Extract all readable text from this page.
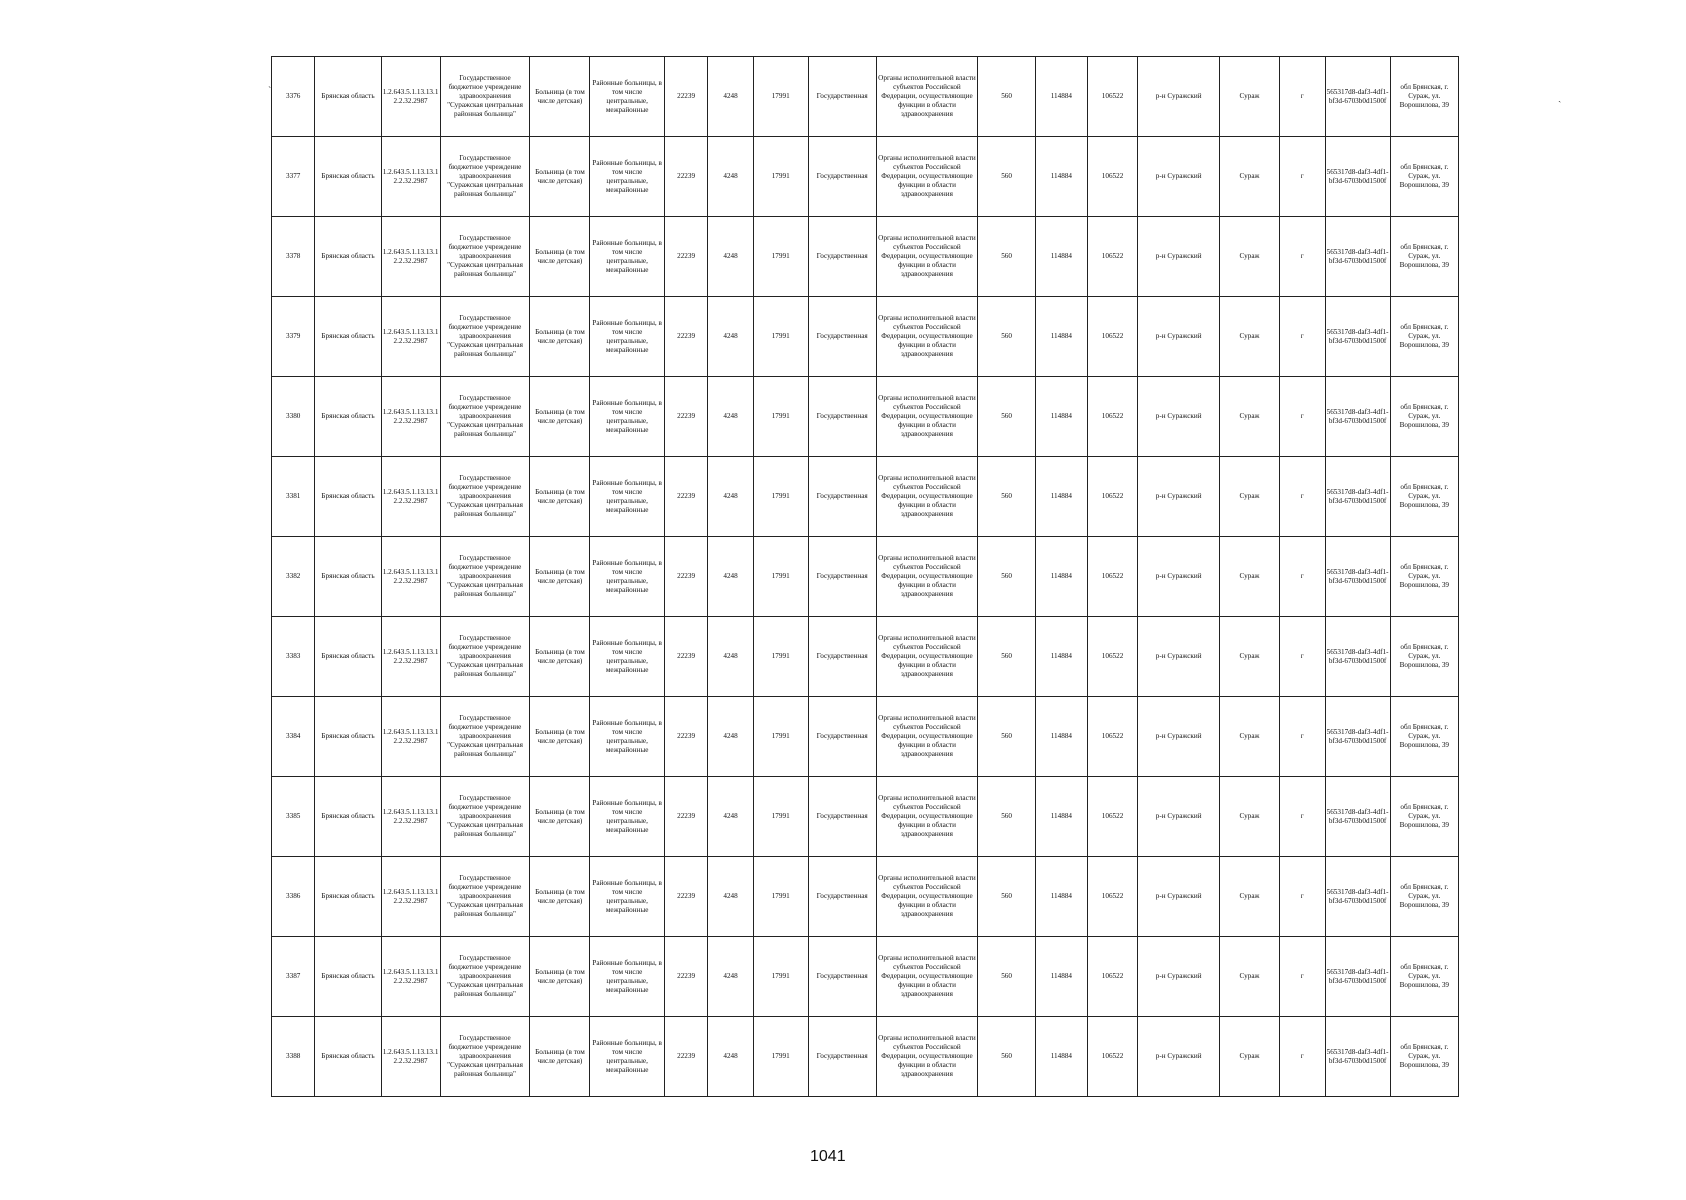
3376	Брянская область	1.2.643.5.1.13.13.12.2.32.2987	Государственное бюджетное учреждение здравоохранения "Суражская центральная районная больница"	Больница (в том числе детская)	Районные больницы, в том числе центральные, межрайонные	22239	4248	17991	Государственная	Органы исполнительной власти субъектов Российской Федерации, осуществляющие функции в области здравоохранения	560	114884	106522	р-н Суражский	Сураж	г	565317d8-daf3-4df1-bf3d-6703b0d1500f	обл Брянская, г. Сураж, ул. Ворошилова, 39
3377	Брянская область	1.2.643.5.1.13.13.12.2.32.2987	Государственное бюджетное учреждение здравоохранения "Суражская центральная районная больница"	Больница (в том числе детская)	Районные больницы, в том числе центральные, межрайонные	22239	4248	17991	Государственная	Органы исполнительной власти субъектов Российской Федерации, осуществляющие функции в области здравоохранения	560	114884	106522	р-н Суражский	Сураж	г	565317d8-daf3-4df1-bf3d-6703b0d1500f	обл Брянская, г. Сураж, ул. Ворошилова, 39
3378	Брянская область	1.2.643.5.1.13.13.12.2.32.2987	Государственное бюджетное учреждение здравоохранения "Суражская центральная районная больница"	Больница (в том числе детская)	Районные больницы, в том числе центральные, межрайонные	22239	4248	17991	Государственная	Органы исполнительной власти субъектов Российской Федерации, осуществляющие функции в области здравоохранения	560	114884	106522	р-н Суражский	Сураж	г	565317d8-daf3-4df1-bf3d-6703b0d1500f	обл Брянская, г. Сураж, ул. Ворошилова, 39
3379	Брянская область	1.2.643.5.1.13.13.12.2.32.2987	Государственное бюджетное учреждение здравоохранения "Суражская центральная районная больница"	Больница (в том числе детская)	Районные больницы, в том числе центральные, межрайонные	22239	4248	17991	Государственная	Органы исполнительной власти субъектов Российской Федерации, осуществляющие функции в области здравоохранения	560	114884	106522	р-н Суражский	Сураж	г	565317d8-daf3-4df1-bf3d-6703b0d1500f	обл Брянская, г. Сураж, ул. Ворошилова, 39
3380	Брянская область	1.2.643.5.1.13.13.12.2.32.2987	Государственное бюджетное учреждение здравоохранения "Суражская центральная районная больница"	Больница (в том числе детская)	Районные больницы, в том числе центральные, межрайонные	22239	4248	17991	Государственная	Органы исполнительной власти субъектов Российской Федерации, осуществляющие функции в области здравоохранения	560	114884	106522	р-н Суражский	Сураж	г	565317d8-daf3-4df1-bf3d-6703b0d1500f	обл Брянская, г. Сураж, ул. Ворошилова, 39
3381	Брянская область	1.2.643.5.1.13.13.12.2.32.2987	Государственное бюджетное учреждение здравоохранения "Суражская центральная районная больница"	Больница (в том числе детская)	Районные больницы, в том числе центральные, межрайонные	22239	4248	17991	Государственная	Органы исполнительной власти субъектов Российской Федерации, осуществляющие функции в области здравоохранения	560	114884	106522	р-н Суражский	Сураж	г	565317d8-daf3-4df1-bf3d-6703b0d1500f	обл Брянская, г. Сураж, ул. Ворошилова, 39
3382	Брянская область	1.2.643.5.1.13.13.12.2.32.2987	Государственное бюджетное учреждение здравоохранения "Суражская центральная районная больница"	Больница (в том числе детская)	Районные больницы, в том числе центральные, межрайонные	22239	4248	17991	Государственная	Органы исполнительной власти субъектов Российской Федерации, осуществляющие функции в области здравоохранения	560	114884	106522	р-н Суражский	Сураж	г	565317d8-daf3-4df1-bf3d-6703b0d1500f	обл Брянская, г. Сураж, ул. Ворошилова, 39
3383	Брянская область	1.2.643.5.1.13.13.12.2.32.2987	Государственное бюджетное учреждение здравоохранения "Суражская центральная районная больница"	Больница (в том числе детская)	Районные больницы, в том числе центральные, межрайонные	22239	4248	17991	Государственная	Органы исполнительной власти субъектов Российской Федерации, осуществляющие функции в области здравоохранения	560	114884	106522	р-н Суражский	Сураж	г	565317d8-daf3-4df1-bf3d-6703b0d1500f	обл Брянская, г. Сураж, ул. Ворошилова, 39
3384	Брянская область	1.2.643.5.1.13.13.12.2.32.2987	Государственное бюджетное учреждение здравоохранения "Суражская центральная районная больница"	Больница (в том числе детская)	Районные больницы, в том числе центральные, межрайонные	22239	4248	17991	Государственная	Органы исполнительной власти субъектов Российской Федерации, осуществляющие функции в области здравоохранения	560	114884	106522	р-н Суражский	Сураж	г	565317d8-daf3-4df1-bf3d-6703b0d1500f	обл Брянская, г. Сураж, ул. Ворошилова, 39
3385	Брянская область	1.2.643.5.1.13.13.12.2.32.2987	Государственное бюджетное учреждение здравоохранения "Суражская центральная районная больница"	Больница (в том числе детская)	Районные больницы, в том числе центральные, межрайонные	22239	4248	17991	Государственная	Органы исполнительной власти субъектов Российской Федерации, осуществляющие функции в области здравоохранения	560	114884	106522	р-н Суражский	Сураж	г	565317d8-daf3-4df1-bf3d-6703b0d1500f	обл Брянская, г. Сураж, ул. Ворошилова, 39
3386	Брянская область	1.2.643.5.1.13.13.12.2.32.2987	Государственное бюджетное учреждение здравоохранения "Суражская центральная районная больница"	Больница (в том числе детская)	Районные больницы, в том числе центральные, межрайонные	22239	4248	17991	Государственная	Органы исполнительной власти субъектов Российской Федерации, осуществляющие функции в области здравоохранения	560	114884	106522	р-н Суражский	Сураж	г	565317d8-daf3-4df1-bf3d-6703b0d1500f	обл Брянская, г. Сураж, ул. Ворошилова, 39
3387	Брянская область	1.2.643.5.1.13.13.12.2.32.2987	Государственное бюджетное учреждение здравоохранения "Суражская центральная районная больница"	Больница (в том числе детская)	Районные больницы, в том числе центральные, межрайонные	22239	4248	17991	Государственная	Органы исполнительной власти субъектов Российской Федерации, осуществляющие функции в области здравоохранения	560	114884	106522	р-н Суражский	Сураж	г	565317d8-daf3-4df1-bf3d-6703b0d1500f	обл Брянская, г. Сураж, ул. Ворошилова, 39
3388	Брянская область	1.2.643.5.1.13.13.12.2.32.2987	Государственное бюджетное учреждение здравоохранения "Суражская центральная районная больница"	Больница (в том числе детская)	Районные больницы, в том числе центральные, межрайонные	22239	4248	17991	Государственная	Органы исполнительной власти субъектов Российской Федерации, осуществляющие функции в области здравоохранения	560	114884	106522	р-н Суражский	Сураж	г	565317d8-daf3-4df1-bf3d-6703b0d1500f	обл Брянская, г. Сураж, ул. Ворошилова, 39
ˋ
ˎ
1041
